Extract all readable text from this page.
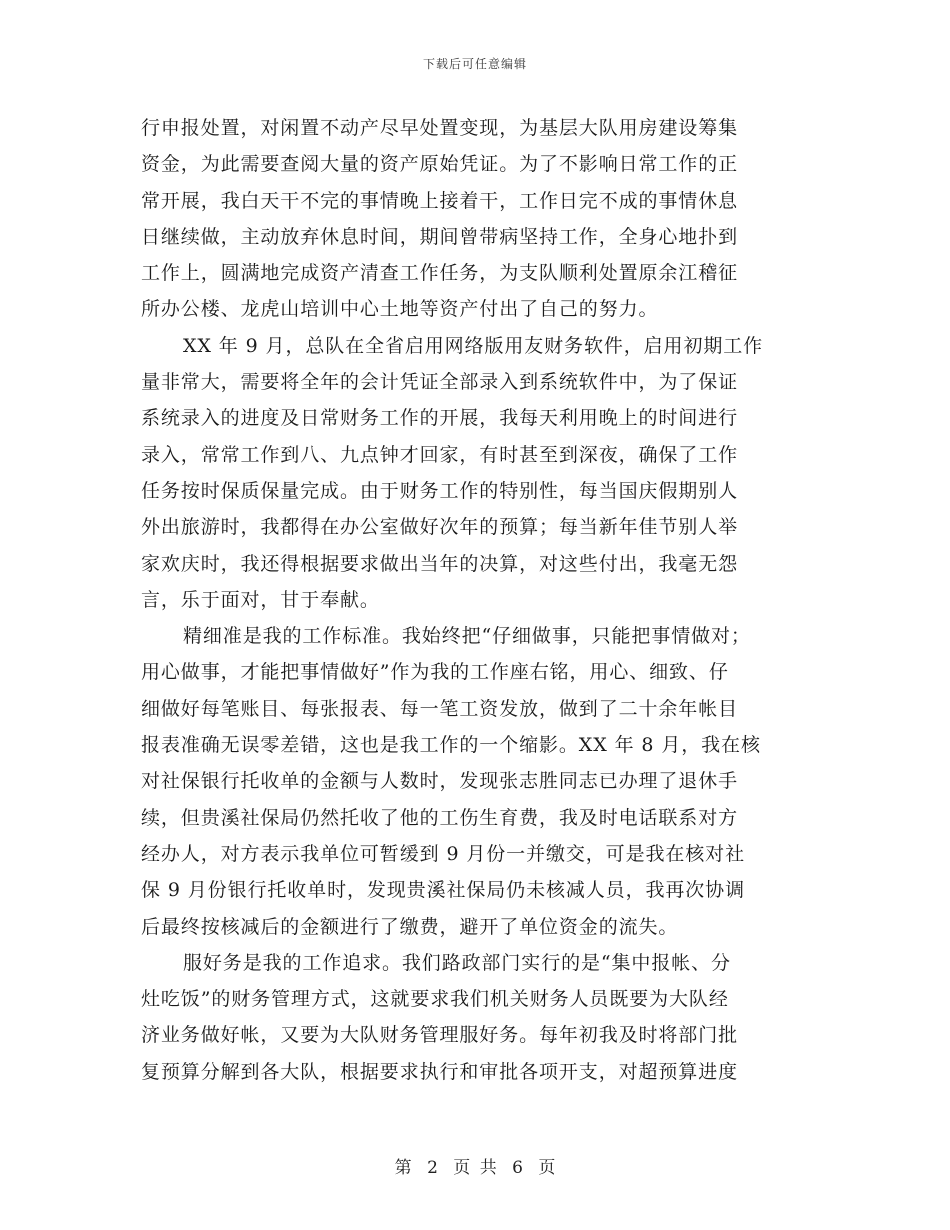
下载后可任意编辑
行申报处置，对闲置不动产尽早处置变现，为基层大队用房建设筹集
资金，为此需要查阅大量的资产原始凭证。为了不影响日常工作的正
常开展，我白天干不完的事情晚上接着干，工作日完不成的事情休息
日继续做，主动放弃休息时间，期间曾带病坚持工作，全身心地扑到
工作上，圆满地完成资产清查工作任务，为支队顺利处置原余江稽征
所办公楼、龙虎山培训中心土地等资产付出了自己的努力。
XX 年 9 月，总队在全省启用网络版用友财务软件，启用初期工作
量非常大，需要将全年的会计凭证全部录入到系统软件中，为了保证
系统录入的进度及日常财务工作的开展，我每天利用晚上的时间进行
录入，常常工作到八、九点钟才回家，有时甚至到深夜，确保了工作
任务按时保质保量完成。由于财务工作的特别性，每当国庆假期别人
外出旅游时，我都得在办公室做好次年的预算；每当新年佳节别人举
家欢庆时，我还得根据要求做出当年的决算，对这些付出，我毫无怨
言，乐于面对，甘于奉献。
精细准是我的工作标准。我始终把“仔细做事，只能把事情做对；
用心做事，才能把事情做好”作为我的工作座右铭，用心、细致、仔
细做好每笔账目、每张报表、每一笔工资发放，做到了二十余年帐目
报表准确无误零差错，这也是我工作的一个缩影。XX 年 8 月，我在核
对社保银行托收单的金额与人数时，发现张志胜同志已办理了退休手
续，但贵溪社保局仍然托收了他的工伤生育费，我及时电话联系对方
经办人，对方表示我单位可暂缓到 9 月份一并缴交，可是我在核对社
保 9 月份银行托收单时，发现贵溪社保局仍未核减人员，我再次协调
后最终按核减后的金额进行了缴费，避开了单位资金的流失。
服好务是我的工作追求。我们路政部门实行的是“集中报帐、分
灶吃饭”的财务管理方式，这就要求我们机关财务人员既要为大队经
济业务做好帐，又要为大队财务管理服好务。每年初我及时将部门批
复预算分解到各大队，根据要求执行和审批各项开支，对超预算进度
第 2 页 共 6 页
